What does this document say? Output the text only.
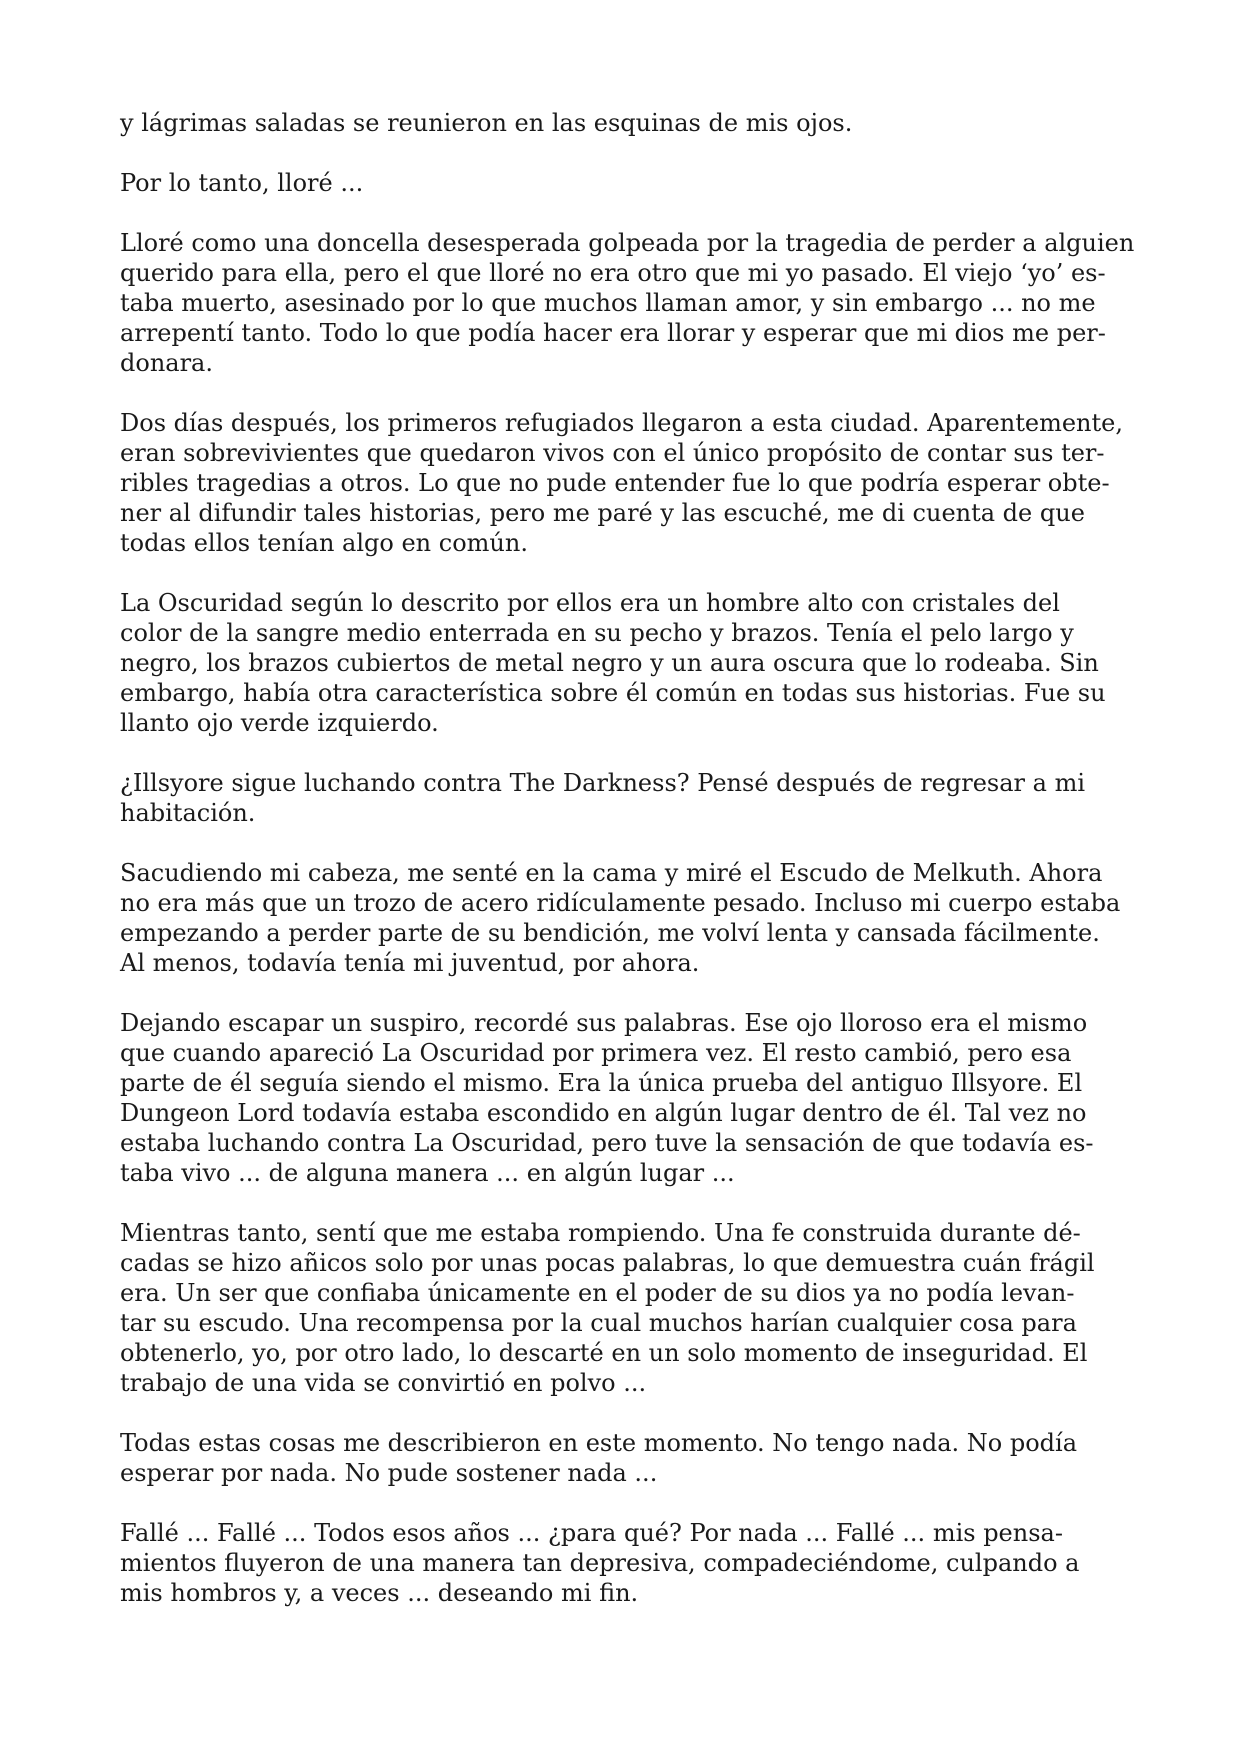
y lágrimas saladas se reunieron en las esquinas de mis ojos.
Por lo tanto, lloré ...
Lloré como una doncella desesperada golpeada por la tragedia de perder a alguien
querido para ella, pero el que lloré no era otro que mi yo pasado. El viejo ‘yo’ es-
taba muerto, asesinado por lo que muchos llaman amor, y sin embargo ... no me
arrepentí tanto. Todo lo que podía hacer era llorar y esperar que mi dios me per-
donara.
Dos días después, los primeros refugiados llegaron a esta ciudad. Aparentemente,
eran sobrevivientes que quedaron vivos con el único propósito de contar sus ter-
ribles tragedias a otros. Lo que no pude entender fue lo que podría esperar obte-
ner al difundir tales historias, pero me paré y las escuché, me di cuenta de que
todas ellos tenían algo en común.
La Oscuridad según lo descrito por ellos era un hombre alto con cristales del
color de la sangre medio enterrada en su pecho y brazos. Tenía el pelo largo y
negro, los brazos cubiertos de metal negro y un aura oscura que lo rodeaba. Sin
embargo, había otra característica sobre él común en todas sus historias. Fue su
llanto ojo verde izquierdo.
¿Illsyore sigue luchando contra The Darkness? Pensé después de regresar a mi
habitación.
Sacudiendo mi cabeza, me senté en la cama y miré el Escudo de Melkuth. Ahora
no era más que un trozo de acero ridículamente pesado. Incluso mi cuerpo estaba
empezando a perder parte de su bendición, me volví lenta y cansada fácilmente.
Al menos, todavía tenía mi juventud, por ahora.
Dejando escapar un suspiro, recordé sus palabras. Ese ojo lloroso era el mismo
que cuando apareció La Oscuridad por primera vez. El resto cambió, pero esa
parte de él seguía siendo el mismo. Era la única prueba del antiguo Illsyore. El
Dungeon Lord todavía estaba escondido en algún lugar dentro de él. Tal vez no
estaba luchando contra La Oscuridad, pero tuve la sensación de que todavía es-
taba vivo ... de alguna manera ... en algún lugar ...
Mientras tanto, sentí que me estaba rompiendo. Una fe construida durante dé-
cadas se hizo añicos solo por unas pocas palabras, lo que demuestra cuán frágil
era. Un ser que confiaba únicamente en el poder de su dios ya no podía levan-
tar su escudo. Una recompensa por la cual muchos harían cualquier cosa para
obtenerlo, yo, por otro lado, lo descarté en un solo momento de inseguridad. El
trabajo de una vida se convirtió en polvo ...
Todas estas cosas me describieron en este momento. No tengo nada. No podía
esperar por nada. No pude sostener nada ...
Fallé ... Fallé ... Todos esos años ... ¿para qué? Por nada ... Fallé ... mis pensa-
mientos fluyeron de una manera tan depresiva, compadeciéndome, culpando a
mis hombros y, a veces ... deseando mi fin.
